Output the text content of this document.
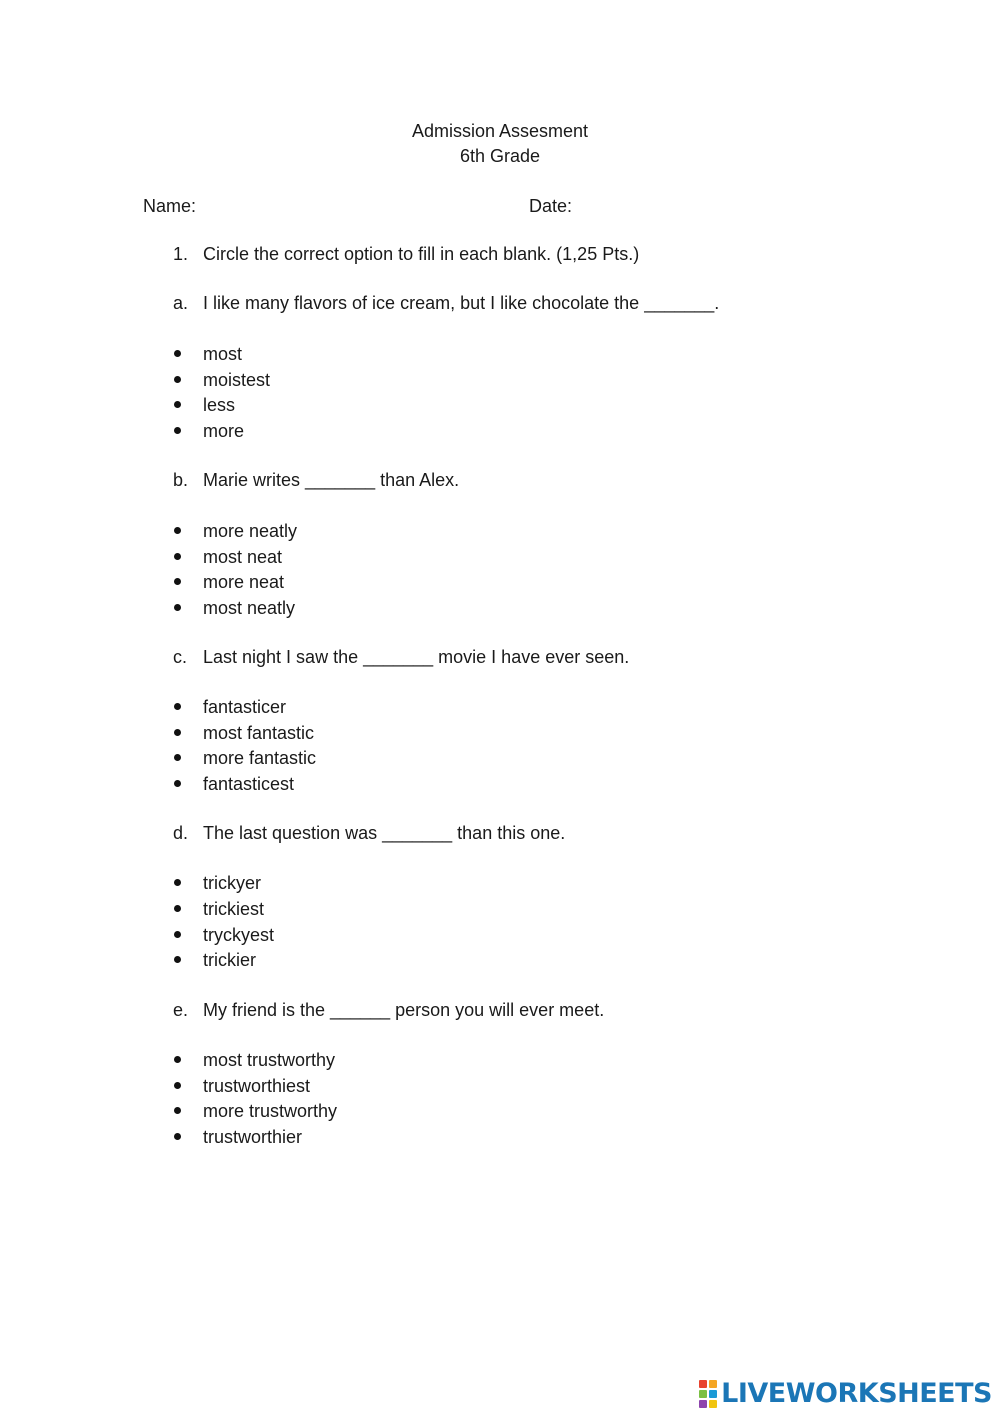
Admission Assesment
6th Grade
Name:	Date:
1. Circle the correct option to fill in each blank. (1,25 Pts.)
a. I like many flavors of ice cream, but I like chocolate the _______.
most
moistest
less
more
b. Marie writes _______ than Alex.
more neatly
most neat
more neat
most neatly
c. Last night I saw the _______ movie I have ever seen.
fantasticer
most fantastic
more fantastic
fantasticest
d. The last question was _______ than this one.
trickyer
trickiest
tryckyest
trickier
e. My friend is the ______ person you will ever meet.
most trustworthy
trustworthiest
more trustworthy
trustworthier
LIVEWORKSHEETS
